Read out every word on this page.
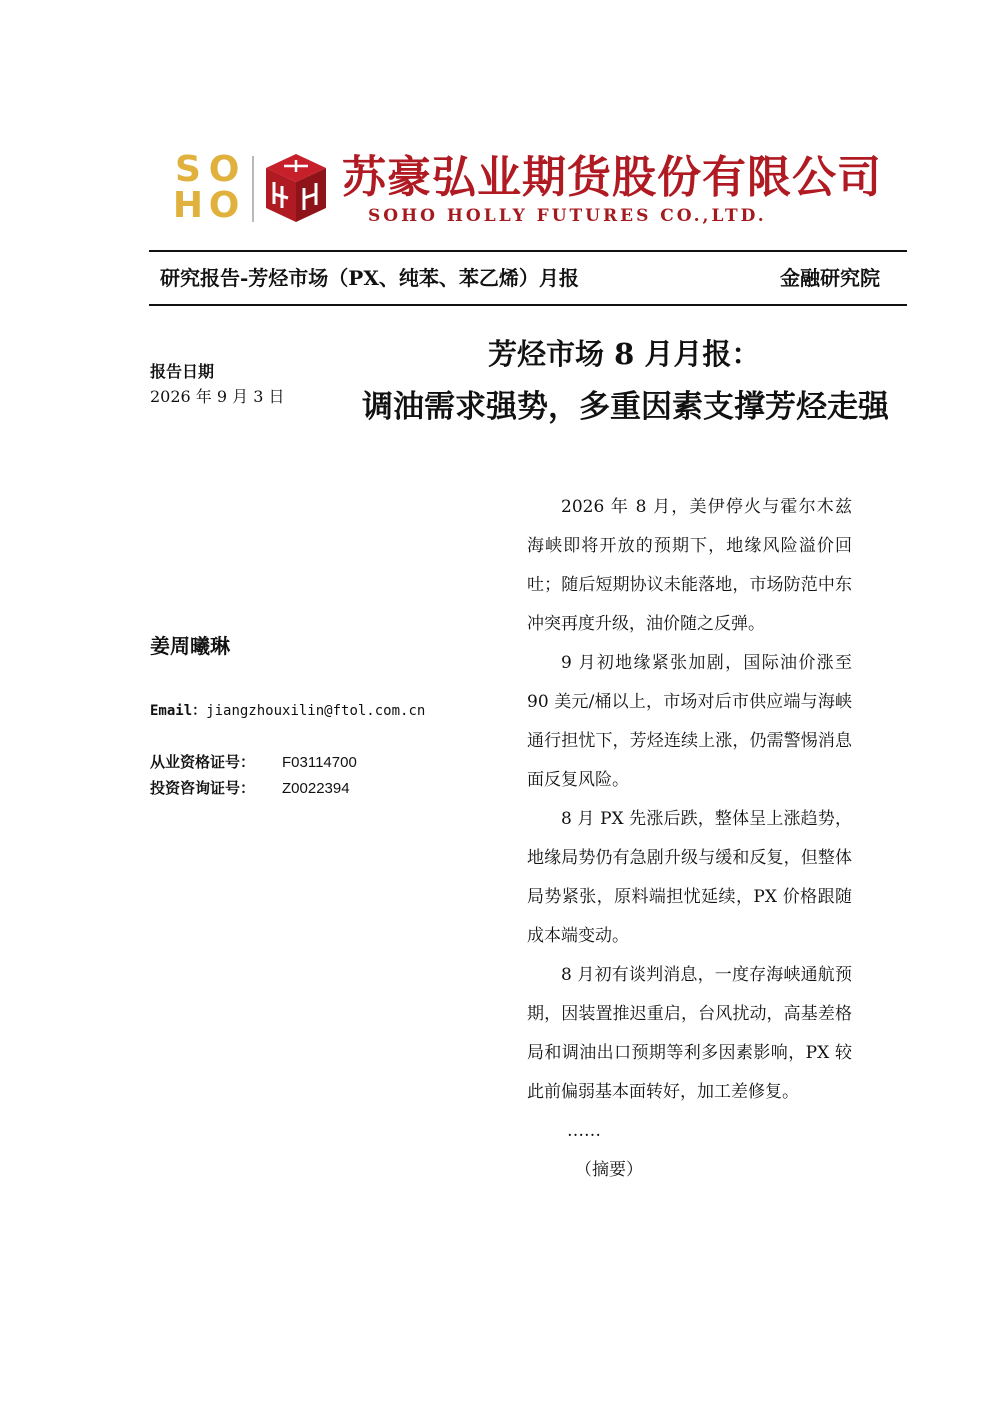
S O
H O
苏豪弘业期货股份有限公司
SOHO HOLLY FUTURES CO.,LTD.
研究报告-芳烃市场（PX、纯苯、苯乙烯）月报	金融研究院
芳烃市场 8 月月报：
调油需求强势，多重因素支撑芳烃走强
报告日期
2026 年 9 月 3 日
姜周曦琳
Email：jiangzhouxilin@ftol.com.cn
从业资格证号： F03114700
投资咨询证号： Z0022394

2026 年 8 月，美伊停火与霍尔木兹海峡即将开放的预期下，地缘风险溢价回吐；随后短期协议未能落地，市场防范中东冲突再度升级，油价随之反弹。

9 月初地缘紧张加剧，国际油价涨至 90 美元/桶以上，市场对后市供应端与海峡通行担忧下，芳烃连续上涨，仍需警惕消息面反复风险。

8 月 PX 先涨后跌，整体呈上涨趋势，地缘局势仍有急剧升级与缓和反复，但整体局势紧张，原料端担忧延续，PX 价格跟随成本端变动。

8 月初有谈判消息，一度存海峡通航预期，因装置推迟重启，台风扰动，高基差格局和调油出口预期等利多因素影响，PX 较此前偏弱基本面转好，加工差修复。

……

（摘要）
